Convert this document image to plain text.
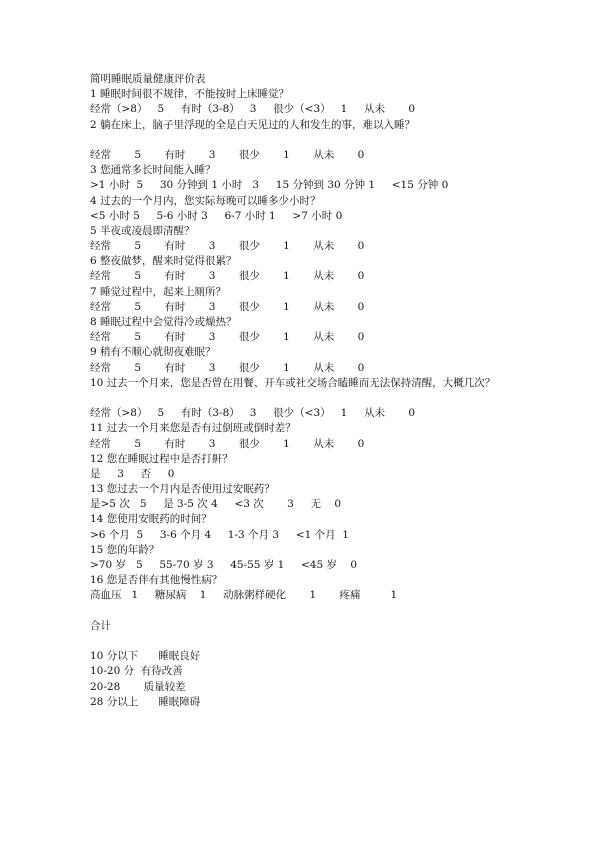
简明睡眠质量健康评价表
1 睡眠时间很不规律，不能按时上床睡觉？
经常（>8）   5     有时（3-8）   3     很少（<3）   1     从未       0
2 躺在床上，脑子里浮现的全是白天见过的人和发生的事，难以入睡？
经常       5       有时       3       很少       1       从未       0
3 您通常多长时间能入睡？
>1 小时  5     30 分钟到 1 小时   3     15 分钟到 30 分钟 1     <15 分钟 0
4 过去的一个月内，您实际每晚可以睡多少小时？
<5 小时 5     5-6 小时 3     6-7 小时 1     >7 小时 0
5 半夜或凌晨即清醒？
经常       5       有时       3       很少       1       从未       0
6 整夜做梦，醒来时觉得很累？
经常       5       有时       3       很少       1       从未       0
7 睡觉过程中，起来上厕所？
经常       5       有时       3       很少       1       从未       0
8 睡眠过程中会觉得冷或燥热？
经常       5       有时       3       很少       1       从未       0
9 稍有不顺心就彻夜难眠？
经常       5       有时       3       很少       1       从未       0
10 过去一个月来，您是否曾在用餐、开车或社交场合瞌睡而无法保持清醒，大概几次？
经常（>8）   5     有时（3-8）   3     很少（<3）   1     从未       0
11 过去一个月来您是否有过倒班或倒时差？
经常       5       有时       3       很少       1       从未       0
12 您在睡眠过程中是否打鼾？
是     3     否     0
13 您过去一个月内是否使用过安眠药？
是>5 次   5     是 3-5 次 4     <3 次       3     无    0
14 您使用安眠药的时间？
>6 个月  5     3-6 个月 4     1-3 个月 3     <1 个月  1
15 您的年龄？
>70 岁   5     55-70 岁 3     45-55 岁 1     <45 岁    0
16 您是否伴有其他慢性病？
高血压   1     糖尿病    1     动脉粥样硬化       1       疼痛         1
合计
10 分以下      睡眠良好
10-20 分  有待改善
20-28       质量较差
28 分以上      睡眠障碍
